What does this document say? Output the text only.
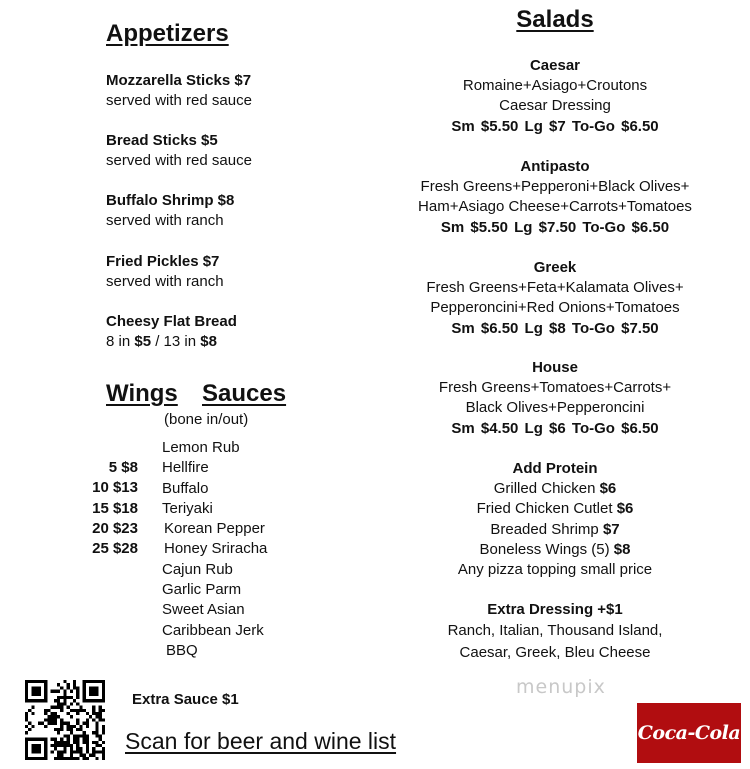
Appetizers
Mozzarella Sticks $7
served with red sauce
Bread Sticks $5
served with red sauce
Buffalo Shrimp $8
served with ranch
Fried Pickles $7
served with ranch
Cheesy Flat Bread
8 in $5 / 13 in $8
Wings Sauces
(bone in/out)
5 $8
10 $13
15 $18
20 $23
25 $28
Lemon Rub
Hellfire
Buffalo
Teriyaki
Korean Pepper
Honey Sriracha
Cajun Rub
Garlic Parm
Sweet Asian
Caribbean Jerk
BBQ
Salads
Caesar
Romaine+Asiago+Croutons
Caesar Dressing
Sm $5.50 Lg $7 To-Go $6.50
Antipasto
Fresh Greens+Pepperoni+Black Olives+
Ham+Asiago Cheese+Carrots+Tomatoes
Sm $5.50 Lg $7.50 To-Go $6.50
Greek
Fresh Greens+Feta+Kalamata Olives+
Pepperoncini+Red Onions+Tomatoes
Sm $6.50 Lg $8 To-Go $7.50
House
Fresh Greens+Tomatoes+Carrots+
Black Olives+Pepperoncini
Sm $4.50 Lg $6 To-Go $6.50
Add Protein
Grilled Chicken $6
Fried Chicken Cutlet $6
Breaded Shrimp $7
Boneless Wings (5) $8
Any pizza topping small price
Extra Dressing +$1
Ranch, Italian, Thousand Island,
Caesar, Greek, Bleu Cheese
Extra Sauce $1
Scan for beer and wine list
menupix
Coca-Cola
